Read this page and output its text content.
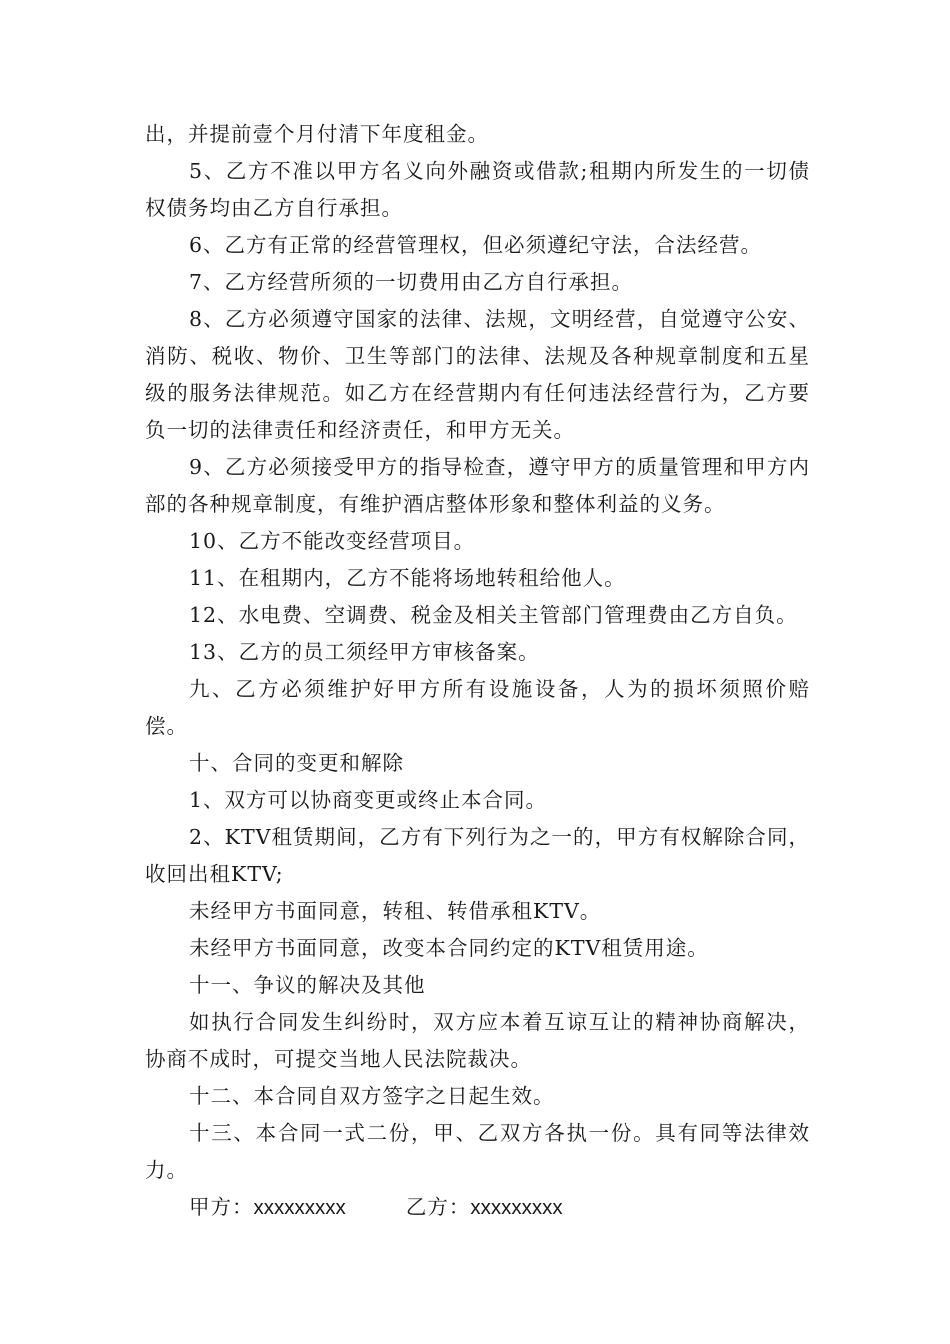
出，并提前壹个月付清下年度租金。

5、乙方不准以甲方名义向外融资或借款;租期内所发生的一切债权债务均由乙方自行承担。

6、乙方有正常的经营管理权，但必须遵纪守法，合法经营。

7、乙方经营所须的一切费用由乙方自行承担。

8、乙方必须遵守国家的法律、法规，文明经营，自觉遵守公安、消防、税收、物价、卫生等部门的法律、法规及各种规章制度和五星级的服务法律规范。如乙方在经营期内有任何违法经营行为，乙方要负一切的法律责任和经济责任，和甲方无关。

9、乙方必须接受甲方的指导检查，遵守甲方的质量管理和甲方内部的各种规章制度，有维护酒店整体形象和整体利益的义务。

10、乙方不能改变经营项目。

11、在租期内，乙方不能将场地转租给他人。

12、水电费、空调费、税金及相关主管部门管理费由乙方自负。

13、乙方的员工须经甲方审核备案。

九、乙方必须维护好甲方所有设施设备，人为的损坏须照价赔偿。

十、合同的变更和解除

1、双方可以协商变更或终止本合同。

2、KTV租赁期间，乙方有下列行为之一的，甲方有权解除合同，收回出租KTV;

未经甲方书面同意，转租、转借承租KTV。

未经甲方书面同意，改变本合同约定的KTV租赁用途。

十一、争议的解决及其他

如执行合同发生纠纷时，双方应本着互谅互让的精神协商解决，协商不成时，可提交当地人民法院裁决。

十二、本合同自双方签字之日起生效。

十三、本合同一式二份，甲、乙双方各执一份。具有同等法律效力。

甲方：xxxxxxxxx	乙方：xxxxxxxxx
